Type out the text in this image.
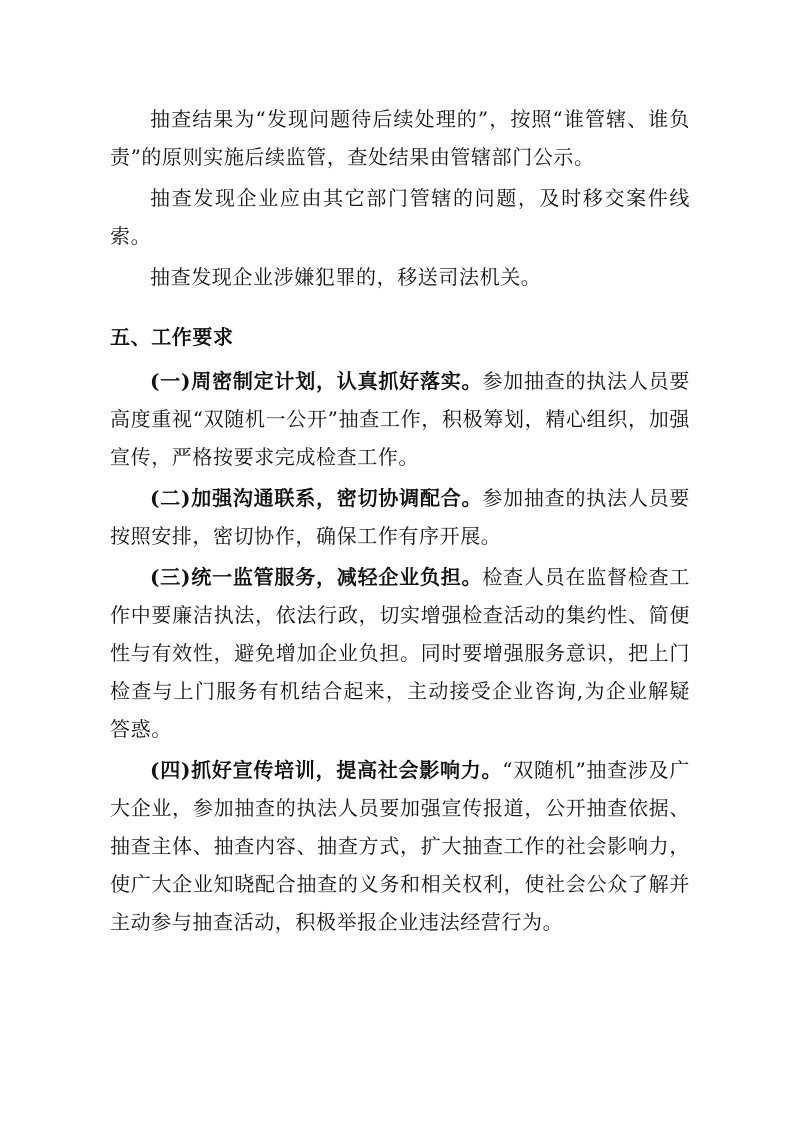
抽查结果为“发现问题待后续处理的”，按照“谁管辖、谁负责”的原则实施后续监管，查处结果由管辖部门公示。

抽查发现企业应由其它部门管辖的问题，及时移交案件线索。

抽查发现企业涉嫌犯罪的，移送司法机关。

五、工作要求

(一)周密制定计划，认真抓好落实。参加抽查的执法人员要高度重视“双随机一公开”抽查工作，积极筹划，精心组织，加强宣传，严格按要求完成检查工作。

(二)加强沟通联系，密切协调配合。参加抽查的执法人员要按照安排，密切协作，确保工作有序开展。

(三)统一监管服务，减轻企业负担。检查人员在监督检查工作中要廉洁执法，依法行政，切实增强检查活动的集约性、简便性与有效性，避免增加企业负担。同时要增强服务意识，把上门检查与上门服务有机结合起来，主动接受企业咨询,为企业解疑答惑。

(四)抓好宣传培训，提高社会影响力。“双随机”抽查涉及广大企业，参加抽查的执法人员要加强宣传报道，公开抽查依据、抽查主体、抽查内容、抽查方式，扩大抽查工作的社会影响力，使广大企业知晓配合抽查的义务和相关权利，使社会公众了解并主动参与抽查活动，积极举报企业违法经营行为。
